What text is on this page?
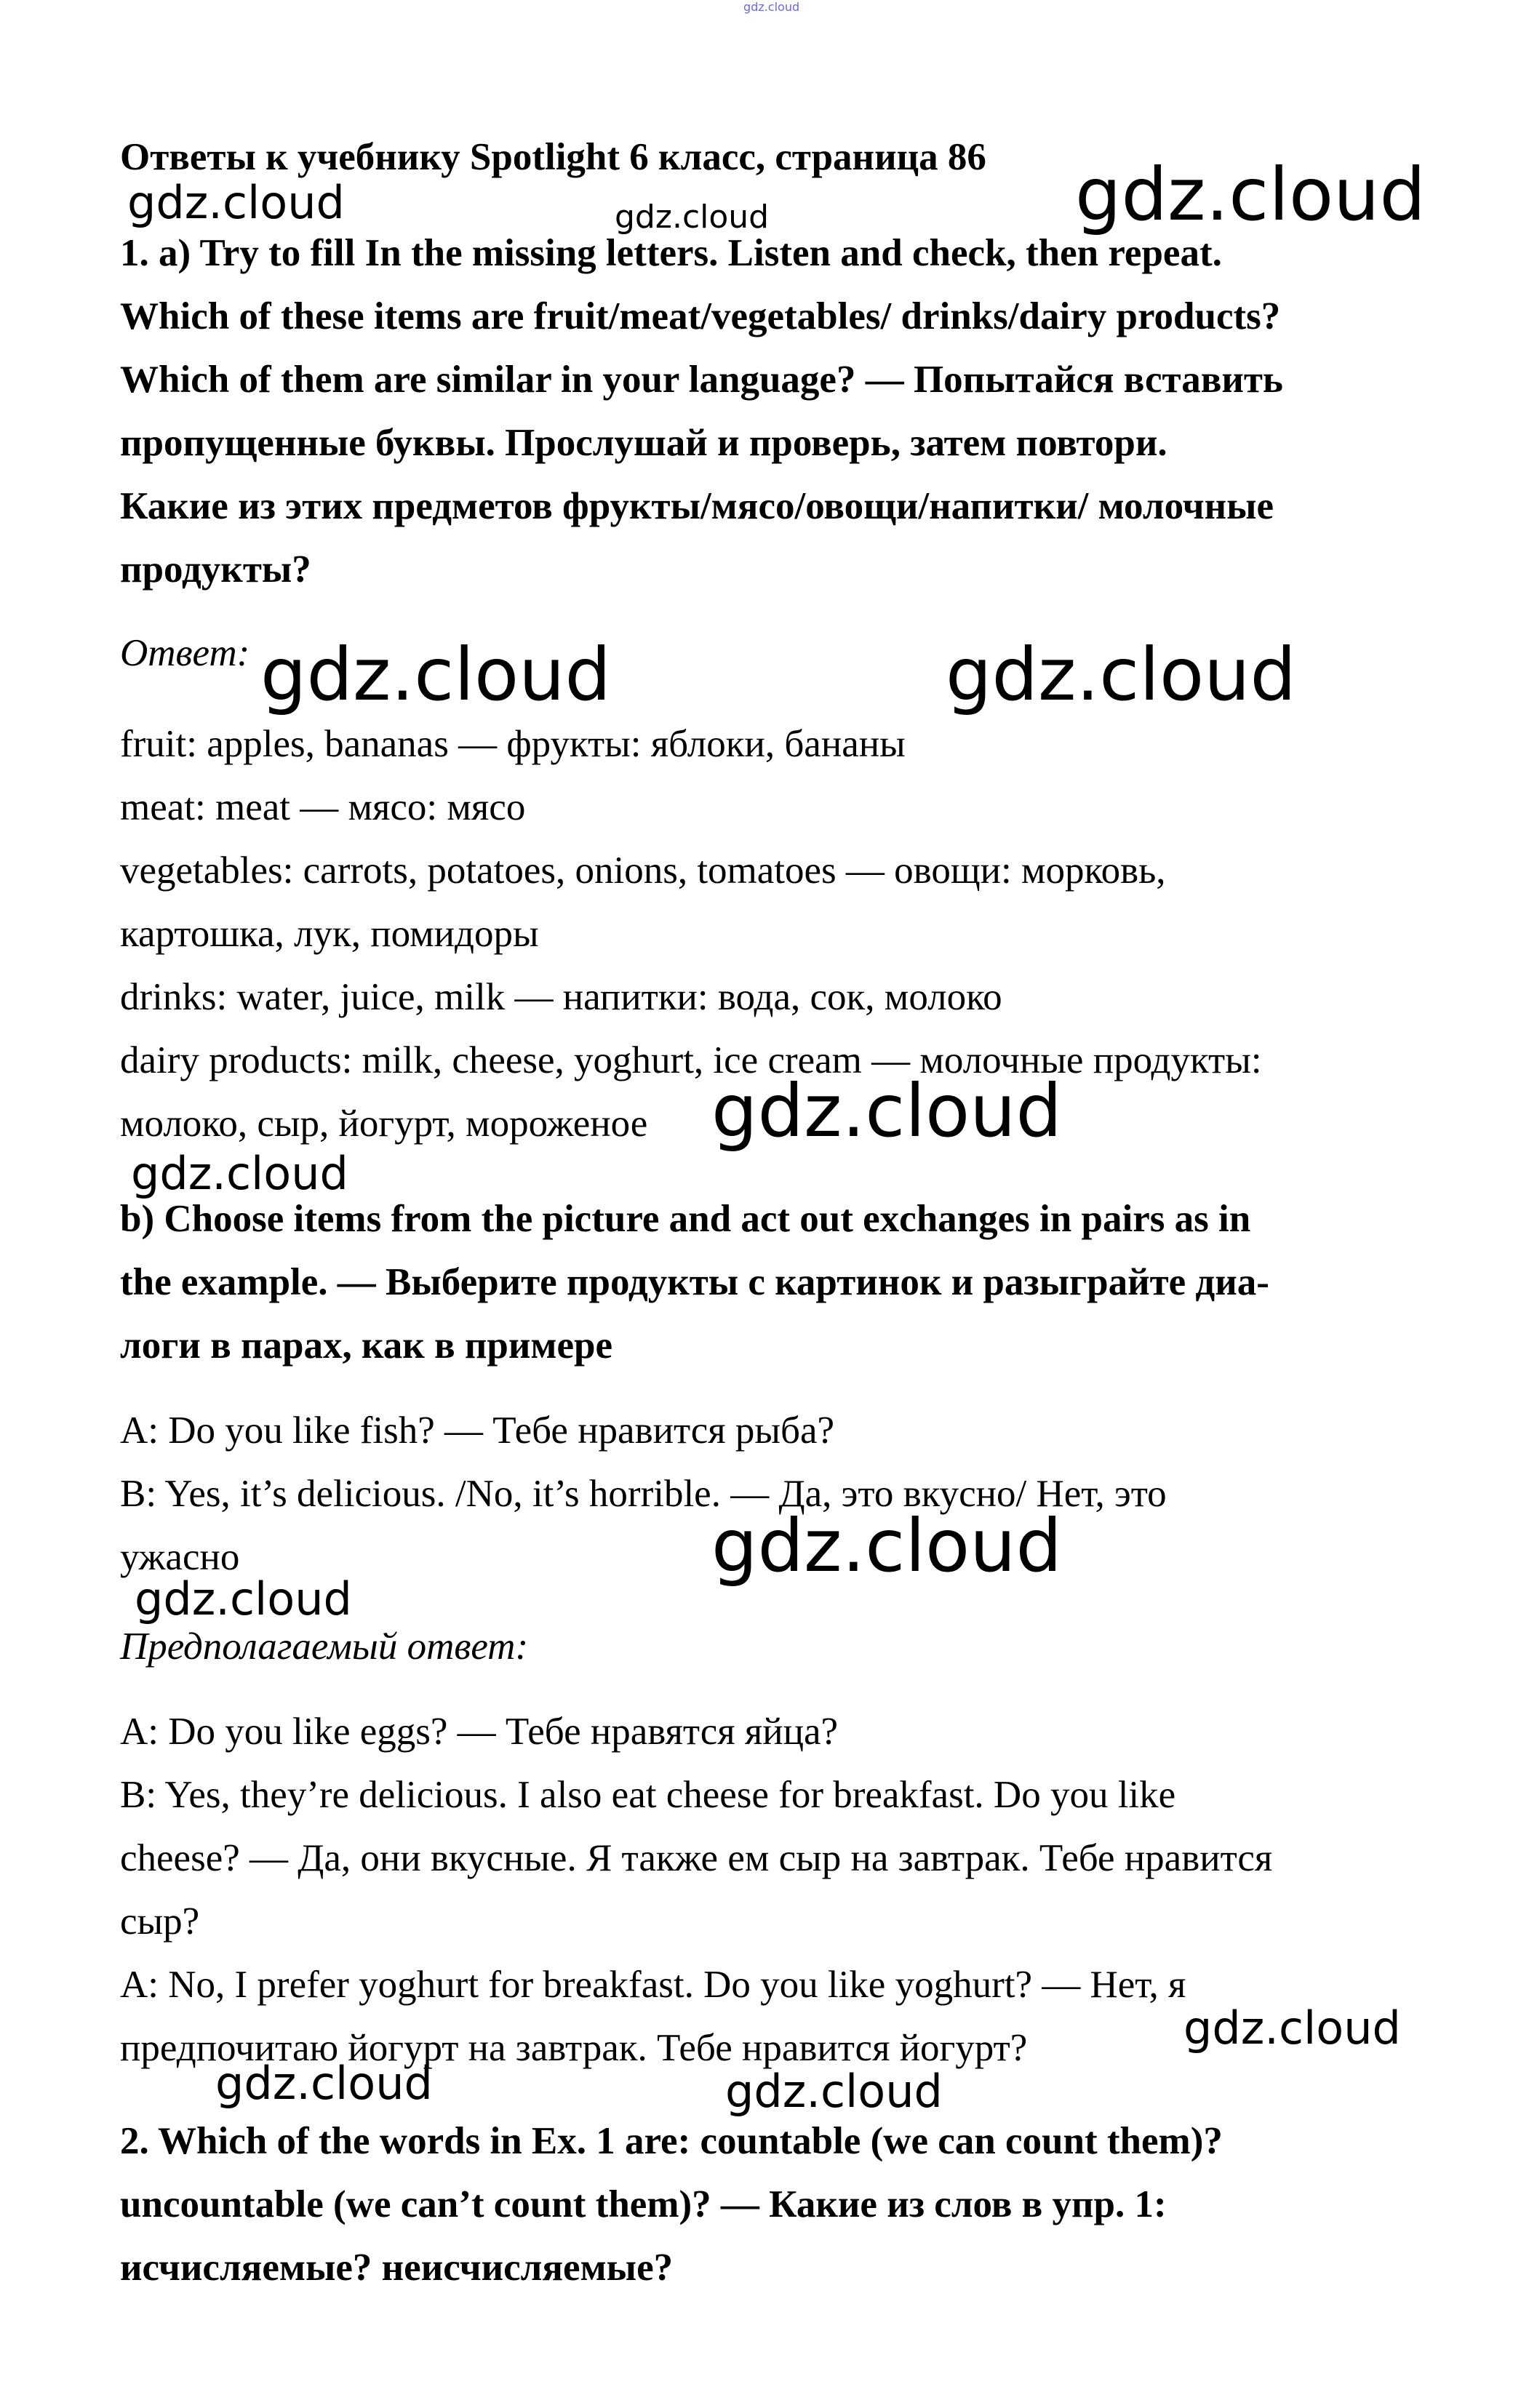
gdz.cloud
Ответы к учебнику Spotlight 6 класс, страница 86
gdz.cloud	gdz.cloud	gdz.cloud
1. a) Try to fill In the missing letters. Listen and check, then repeat.
Which of these items are fruit/meat/vegetables/ drinks/dairy products?
Which of them are similar in your language? — Попытайся вставить
пропущенные буквы. Прослушай и проверь, затем повтори.
Какие из этих предметов фрукты/мясо/овощи/напитки/ молочные
продукты?
Ответ: gdz.cloud	gdz.cloud
fruit: apples, bananas — фрукты: яблоки, бананы
meat: meat — мясо: мясо
vegetables: carrots, potatoes, onions, tomatoes — овощи: морковь,
картошка, лук, помидоры
drinks: water, juice, milk — напитки: вода, сок, молоко
dairy products: milk, cheese, yoghurt, ice cream — молочные продукты:
молоко, сыр, йогурт, мороженое gdz.cloud
gdz.cloud
b) Choose items from the picture and act out exchanges in pairs as in
the example. — Выберите продукты с картинок и разыграйте диа-
логи в парах, как в примере
A: Do you like fish? — Тебе нравится рыба?
B: Yes, it’s delicious. /No, it’s horrible. — Да, это вкусно/ Нет, это
ужасно	gdz.cloud
gdz.cloud
Предполагаемый ответ:
A: Do you like eggs? — Тебе нравятся яйца?
B: Yes, they’re delicious. I also eat cheese for breakfast. Do you like
cheese? — Да, они вкусные. Я также ем сыр на завтрак. Тебе нравится
сыр?
A: No, I prefer yoghurt for breakfast. Do you like yoghurt? — Нет, я
предпочитаю йогурт на завтрак. Тебе нравится йогурт?	gdz.cloud
gdz.cloud	gdz.cloud
2. Which of the words in Ex. 1 are: countable (we can count them)?
uncountable (we can’t count them)? — Какие из слов в упр. 1:
исчисляемые? неисчисляемые?
